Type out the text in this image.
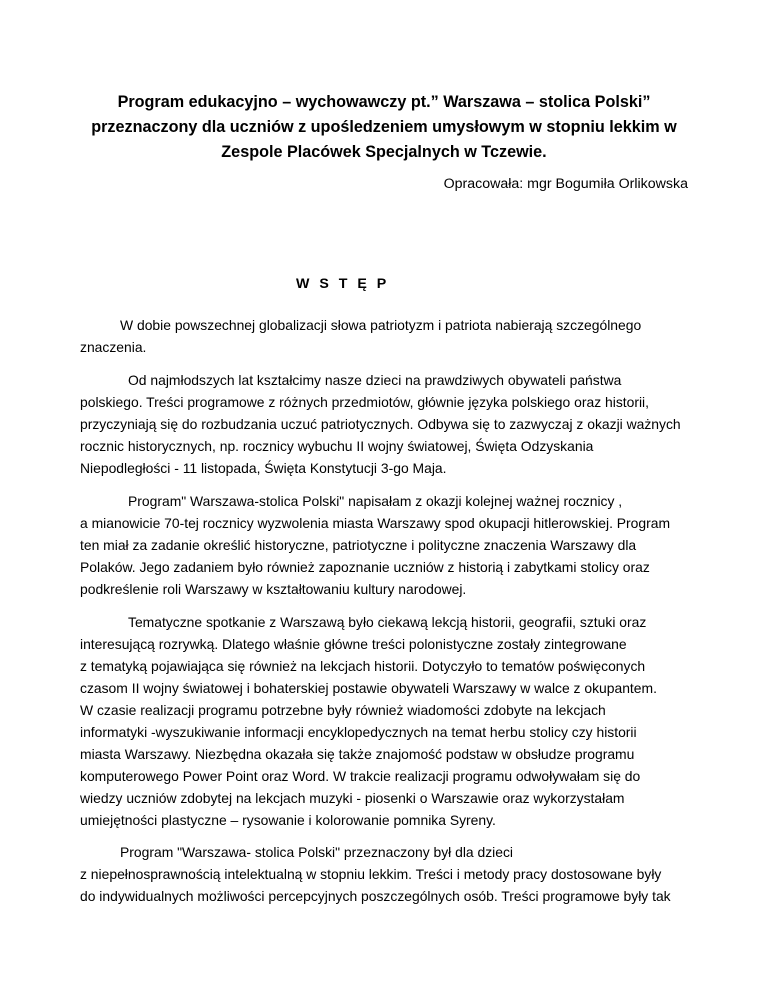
Program edukacyjno – wychowawczy pt.” Warszawa – stolica Polski”
przeznaczony dla uczniów z upośledzeniem umysłowym w stopniu lekkim w
Zespole Placówek Specjalnych w Tczewie.
Opracowała: mgr Bogumiła Orlikowska
W S T Ę P
W dobie powszechnej globalizacji słowa patriotyzm i patriota nabierają szczególnego
znaczenia.
Od najmłodszych lat kształcimy nasze dzieci na prawdziwych obywateli państwa
polskiego. Treści programowe z różnych przedmiotów, głównie języka polskiego oraz historii,
przyczyniają się do rozbudzania uczuć patriotycznych. Odbywa się to zazwyczaj z okazji ważnych
rocznic historycznych, np. rocznicy wybuchu II wojny światowej, Święta Odzyskania
Niepodległości - 11 listopada, Święta Konstytucji 3-go Maja.
Program" Warszawa-stolica Polski" napisałam z okazji kolejnej ważnej rocznicy ,
a mianowicie 70-tej rocznicy wyzwolenia miasta Warszawy spod okupacji hitlerowskiej. Program
ten miał za zadanie określić historyczne, patriotyczne i polityczne znaczenia Warszawy dla
Polaków. Jego zadaniem było również zapoznanie uczniów z historią i zabytkami stolicy oraz
podkreślenie roli Warszawy w kształtowaniu kultury narodowej.
Tematyczne spotkanie z Warszawą było ciekawą lekcją historii, geografii, sztuki oraz
interesującą rozrywką. Dlatego właśnie główne treści polonistyczne zostały zintegrowane
z tematyką pojawiająca się również na lekcjach historii. Dotyczyło to tematów poświęconych
czasom II wojny światowej i bohaterskiej postawie obywateli Warszawy w walce z okupantem.
W czasie realizacji programu potrzebne były również wiadomości zdobyte na lekcjach
informatyki -wyszukiwanie informacji encyklopedycznych na temat herbu stolicy czy historii
miasta Warszawy. Niezbędna okazała się także znajomość podstaw w obsłudze programu
komputerowego Power Point oraz Word. W trakcie realizacji programu odwoływałam się do
wiedzy uczniów zdobytej na lekcjach muzyki - piosenki o Warszawie oraz wykorzystałam
umiejętności plastyczne – rysowanie i kolorowanie pomnika Syreny.
Program "Warszawa- stolica Polski" przeznaczony był dla dzieci
z niepełnosprawnością intelektualną w stopniu lekkim. Treści i metody pracy dostosowane były
do indywidualnych możliwości percepcyjnych poszczególnych osób. Treści programowe były tak
